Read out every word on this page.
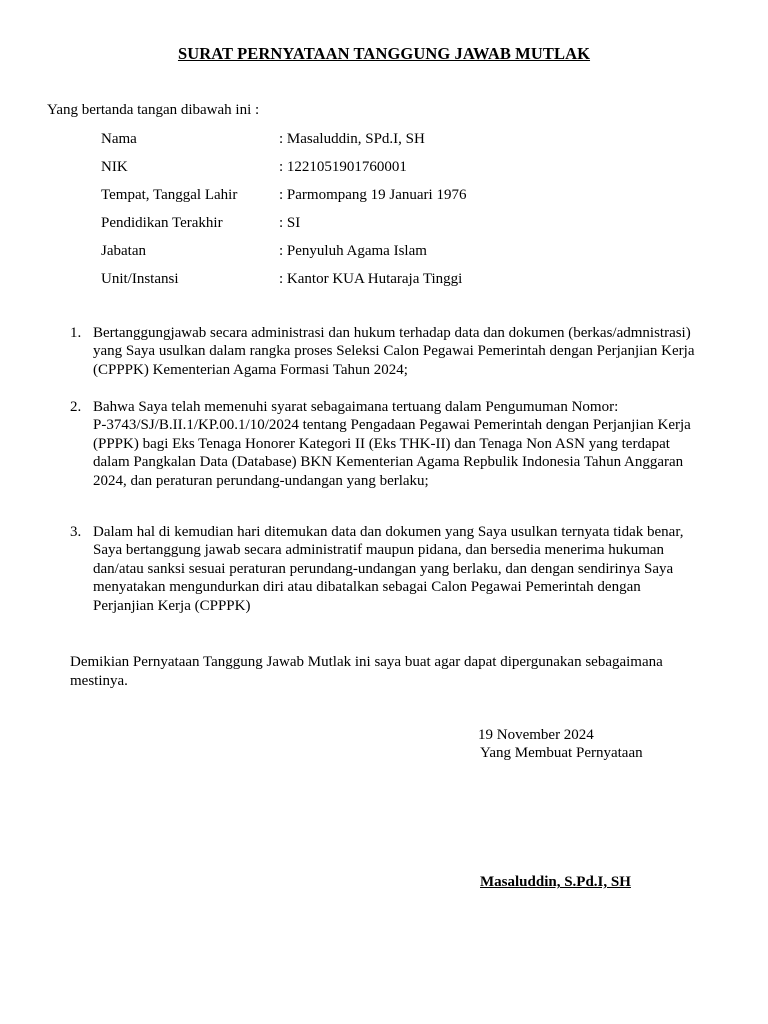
SURAT PERNYATAAN TANGGUNG JAWAB MUTLAK
Yang bertanda tangan dibawah ini :
Nama	: Masaluddin, SPd.I, SH
NIK	: 1221051901760001
Tempat, Tanggal Lahir	: Parmompang 19 Januari 1976
Pendidikan Terakhir	: SI
Jabatan	: Penyuluh Agama Islam
Unit/Instansi	: Kantor KUA Hutaraja Tinggi
1. Bertanggungjawab secara administrasi dan hukum terhadap data dan dokumen (berkas/admnistrasi)
yang Saya usulkan dalam rangka proses Seleksi Calon Pegawai Pemerintah dengan Perjanjian Kerja
(CPPPK) Kementerian Agama Formasi Tahun 2024;
2. Bahwa Saya telah memenuhi syarat sebagaimana tertuang dalam Pengumuman Nomor:
P-3743/SJ/B.II.1/KP.00.1/10/2024 tentang Pengadaan Pegawai Pemerintah dengan Perjanjian Kerja
(PPPK) bagi Eks Tenaga Honorer Kategori II (Eks THK-II) dan Tenaga Non ASN yang terdapat
dalam Pangkalan Data (Database) BKN Kementerian Agama Repbulik Indonesia Tahun Anggaran
2024, dan peraturan perundang-undangan yang berlaku;
3. Dalam hal di kemudian hari ditemukan data dan dokumen yang Saya usulkan ternyata tidak benar,
Saya bertanggung jawab secara administratif maupun pidana, dan bersedia menerima hukuman
dan/atau sanksi sesuai peraturan perundang-undangan yang berlaku, dan dengan sendirinya Saya
menyatakan mengundurkan diri atau dibatalkan sebagai Calon Pegawai Pemerintah dengan
Perjanjian Kerja (CPPPK)
Demikian Pernyataan Tanggung Jawab Mutlak ini saya buat agar dapat dipergunakan sebagaimana
mestinya.
19 November 2024
Yang Membuat Pernyataan
Masaluddin, S.Pd.I, SH
